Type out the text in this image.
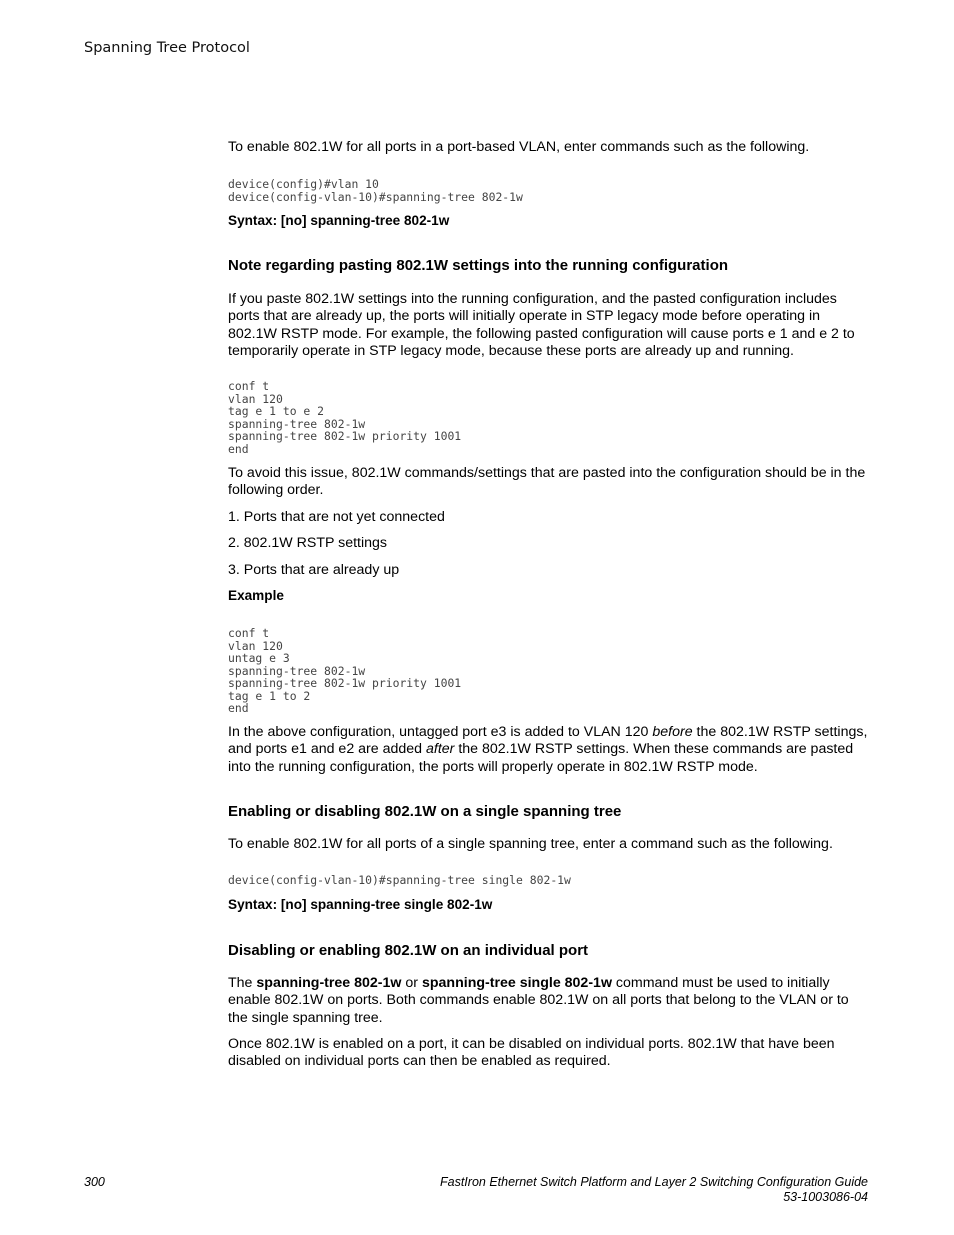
Spanning Tree Protocol

To enable 802.1W for all ports in a port-based VLAN, enter commands such as the following.

device(config)#vlan 10
device(config-vlan-10)#spanning-tree 802-1w

Syntax: [no] spanning-tree 802-1w

Note regarding pasting 802.1W settings into the running configuration

If you paste 802.1W settings into the running configuration, and the pasted configuration includes ports that are already up, the ports will initially operate in STP legacy mode before operating in 802.1W RSTP mode. For example, the following pasted configuration will cause ports e 1 and e 2 to temporarily operate in STP legacy mode, because these ports are already up and running.

conf t
vlan 120
tag e 1 to e 2
spanning-tree 802-1w
spanning-tree 802-1w priority 1001
end

To avoid this issue, 802.1W commands/settings that are pasted into the configuration should be in the following order.

1. Ports that are not yet connected

2. 802.1W RSTP settings

3. Ports that are already up

Example

conf t
vlan 120
untag e 3
spanning-tree 802-1w
spanning-tree 802-1w priority 1001
tag e 1 to 2
end

In the above configuration, untagged port e3 is added to VLAN 120 before the 802.1W RSTP settings, and ports e1 and e2 are added after the 802.1W RSTP settings. When these commands are pasted into the running configuration, the ports will properly operate in 802.1W RSTP mode.

Enabling or disabling 802.1W on a single spanning tree

To enable 802.1W for all ports of a single spanning tree, enter a command such as the following.

device(config-vlan-10)#spanning-tree single 802-1w

Syntax: [no] spanning-tree single 802-1w

Disabling or enabling 802.1W on an individual port

The spanning-tree 802-1w or spanning-tree single 802-1w command must be used to initially enable 802.1W on ports. Both commands enable 802.1W on all ports that belong to the VLAN or to the single spanning tree.

Once 802.1W is enabled on a port, it can be disabled on individual ports. 802.1W that have been disabled on individual ports can then be enabled as required.

300	FastIron Ethernet Switch Platform and Layer 2 Switching Configuration Guide
53-1003086-04
